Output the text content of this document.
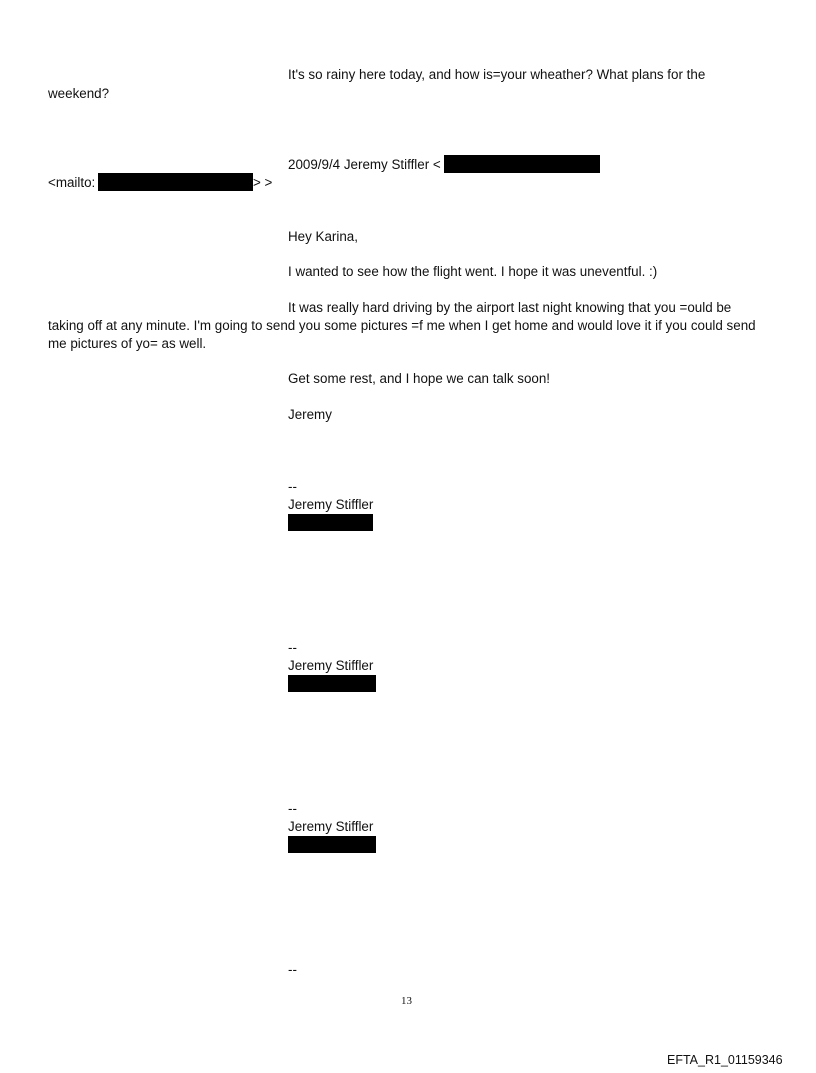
It's so rainy here today, and how is=your wheather? What plans for the
weekend?
2009/9/4 Jeremy Stiffler <
<mailto:	> >
Hey Karina,
I wanted to see how the flight went. I hope it was uneventful. :)
It was really hard driving by the airport last night knowing that you =ould be
taking off at any minute. I'm going to send you some pictures =f me when I get home and would love it if you could send
me pictures of yo= as well.
Get some rest, and I hope we can talk soon!
Jeremy
--
Jeremy Stiffler
--
Jeremy Stiffler
--
Jeremy Stiffler
--
13
EFTA_R1_01159346
